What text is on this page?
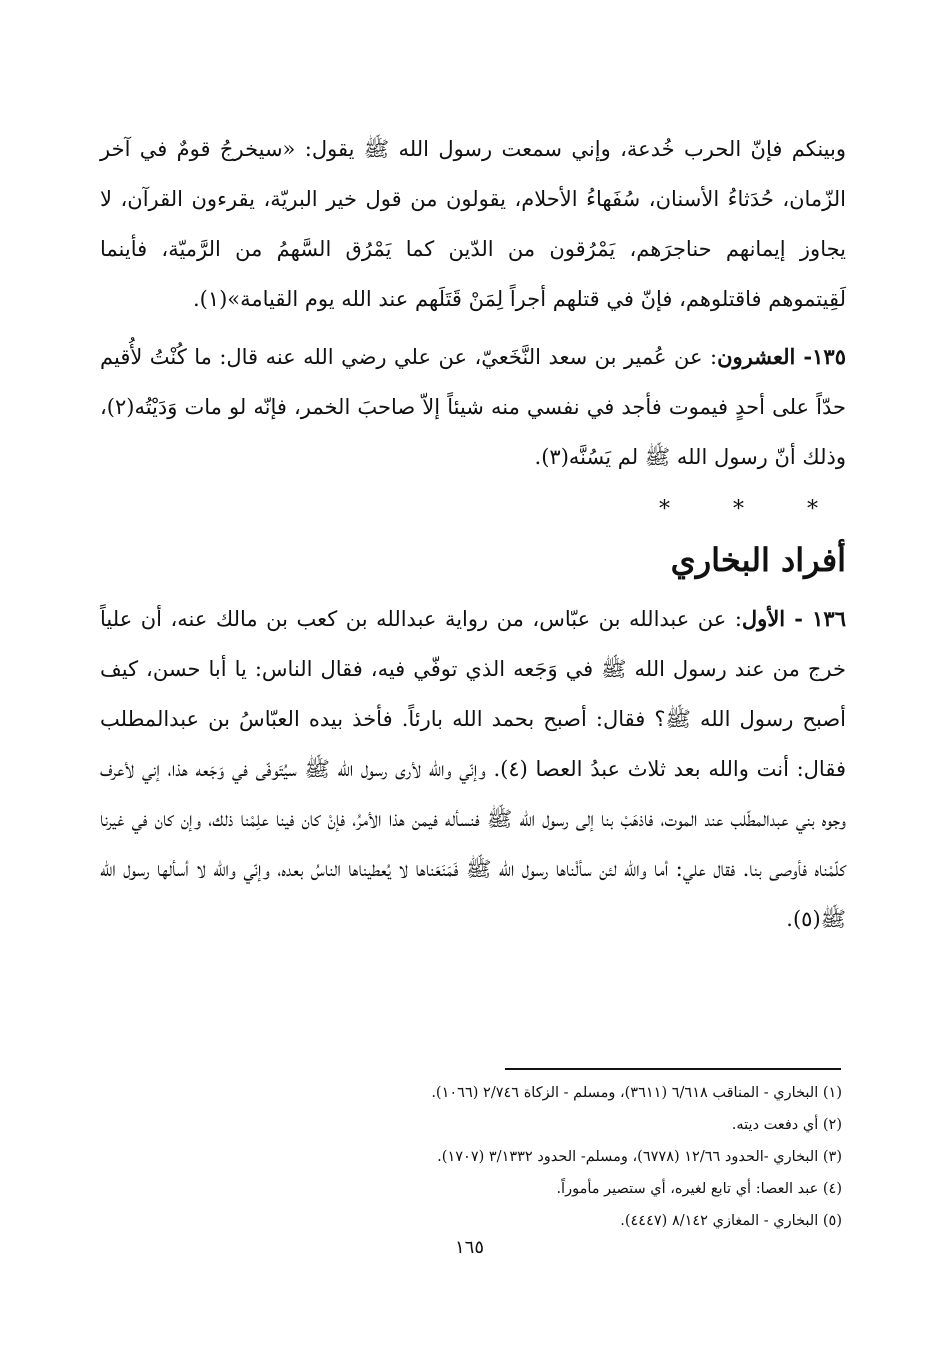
وبينكم فإنّ الحرب خُدعة، وإني سمعت رسول الله ﷺ يقول: «سيخرجُ قومٌ في آخر الزّمان، حُدَثاءُ الأسنان، سُفَهاءُ الأحلام، يقولون من قول خير البريّة، يقرءون القرآن، لا يجاوز إيمانهم حناجرَهم، يَمْرُقون من الدّين كما يَمْرُق السَّهمُ من الرَّميّة، فأينما لَقِيتموهم فاقتلوهم، فإنّ في قتلهم أجراً لِمَنْ قَتَلَهم عند الله يوم القيامة»(١).

١٣٥- العشرون: عن عُمير بن سعد النَّخَعيّ، عن علي رضي الله عنه قال: ما كُنْتُ لأُقيم حدّاً على أحدٍ فيموت فأجد في نفسي منه شيئاً إلاّ صاحبَ الخمر، فإنّه لو مات وَدَيْتُه(٢)، وذلك أنّ رسول الله ﷺ لم يَسُنَّه(٣).

* * *
أفراد البخاري

١٣٦ - الأول: عن عبدالله بن عبّاس، من رواية عبدالله بن كعب بن مالك عنه، أن علياً خرج من عند رسول الله ﷺ في وَجَعه الذي توفّي فيه، فقال الناس: يا أبا حسن، كيف أصبح رسول الله ﷺ؟ فقال: أصبح بحمد الله بارئاً. فأخذ بيده العبّاسُ بن عبدالمطلب فقال: أنت والله بعد ثلاث عبدُ العصا (٤). وإنّي والله لأرى رسول الله ﷺ سيُتَوفّى في وَجَعه هذا، إني لأعرف وجوه بني عبدالمطّلب عند الموت، فاذهَبْ بنا إلى رسول الله ﷺ فنسأله فيمن هذا الأمرُ، فإنْ كان فينا علِمْنا ذلك، وإن كان في غيرنا كلّمْناه فأوصى بنا. فقال علي: أما والله لئن سألْناها رسول الله ﷺ فَمَنَعَناها لا يُعطيناها الناسُ بعده، وإنّي والله لا أسألها رسول الله ﷺ(٥).

(١) البخاري - المناقب ٦/٦١٨ (٣٦١١)، ومسلم - الزكاة ٢/٧٤٦ (١٠٦٦).

(٢) أي دفعت ديته.

(٣) البخاري -الحدود ١٢/٦٦ (٦٧٧٨)، ومسلم- الحدود ٣/١٣٣٢ (١٧٠٧).

(٤) عبد العصا: أي تابع لغيره، أي ستصير مأموراً.

(٥) البخاري - المغازي ٨/١٤٢ (٤٤٤٧).

١٦٥
